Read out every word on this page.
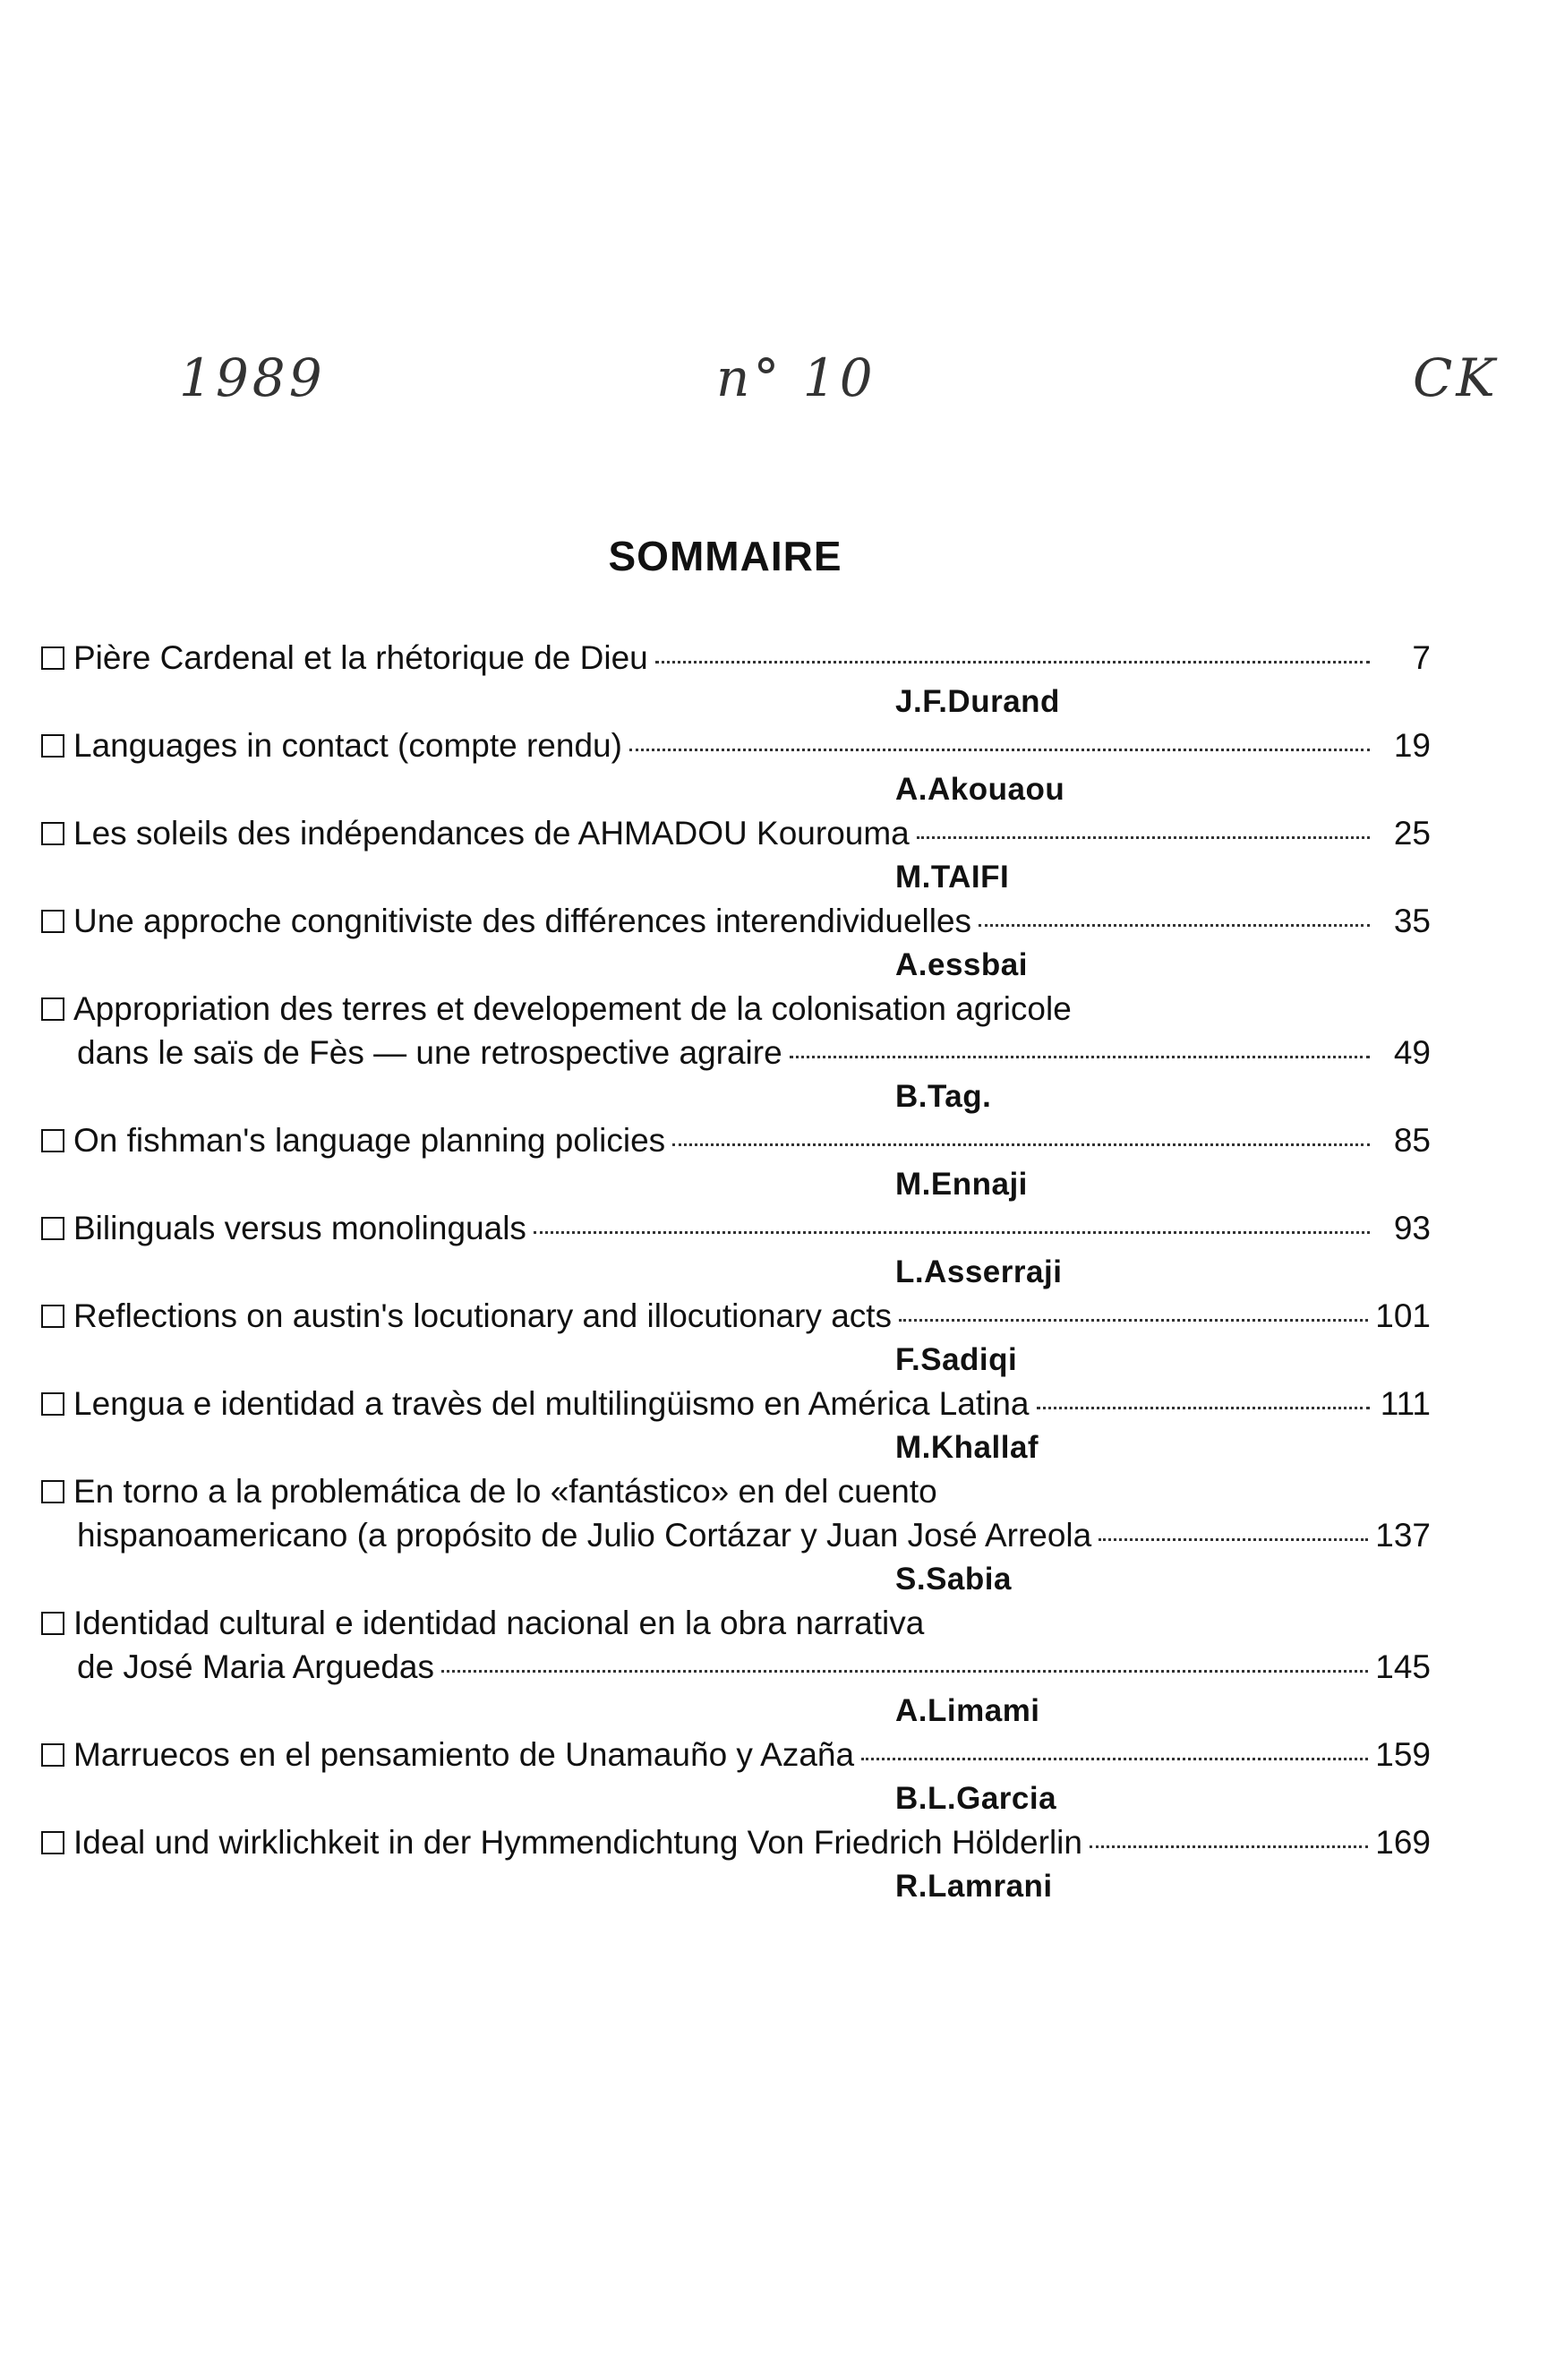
1989	n° 10	CK
SOMMAIRE
Pière Cardenal et la rhétorique de Dieu	7
J.F.Durand
Languages in contact (compte rendu)	19
A.Akouaou
Les soleils des indépendances de AHMADOU Kourouma	25
M.TAIFI
Une approche congnitiviste des différences interendividuelles	35
A.essbai
Appropriation des terres et developement de la colonisation agricole
dans le saïs de Fès — une retrospective agraire	49
B.Tag.
On fishman's language planning policies	85
M.Ennaji
Bilinguals versus monolinguals	93
L.Asserraji
Reflections on austin's locutionary and illocutionary acts	101
F.Sadiqi
Lengua e identidad a travès del multilingüismo en América Latina	111
M.Khallaf
En torno a la problemática de lo «fantástico» en del cuento
hispanoamericano (a propósito de Julio Cortázar y Juan José Arreola	137
S.Sabia
Identidad cultural e identidad nacional en la obra narrativa
de José Maria Arguedas	145
A.Limami
Marruecos en el pensamiento de Unamauño y Azaña	159
B.L.Garcia
Ideal und wirklichkeit in der Hymmendichtung Von Friedrich Hölderlin	169
R.Lamrani
